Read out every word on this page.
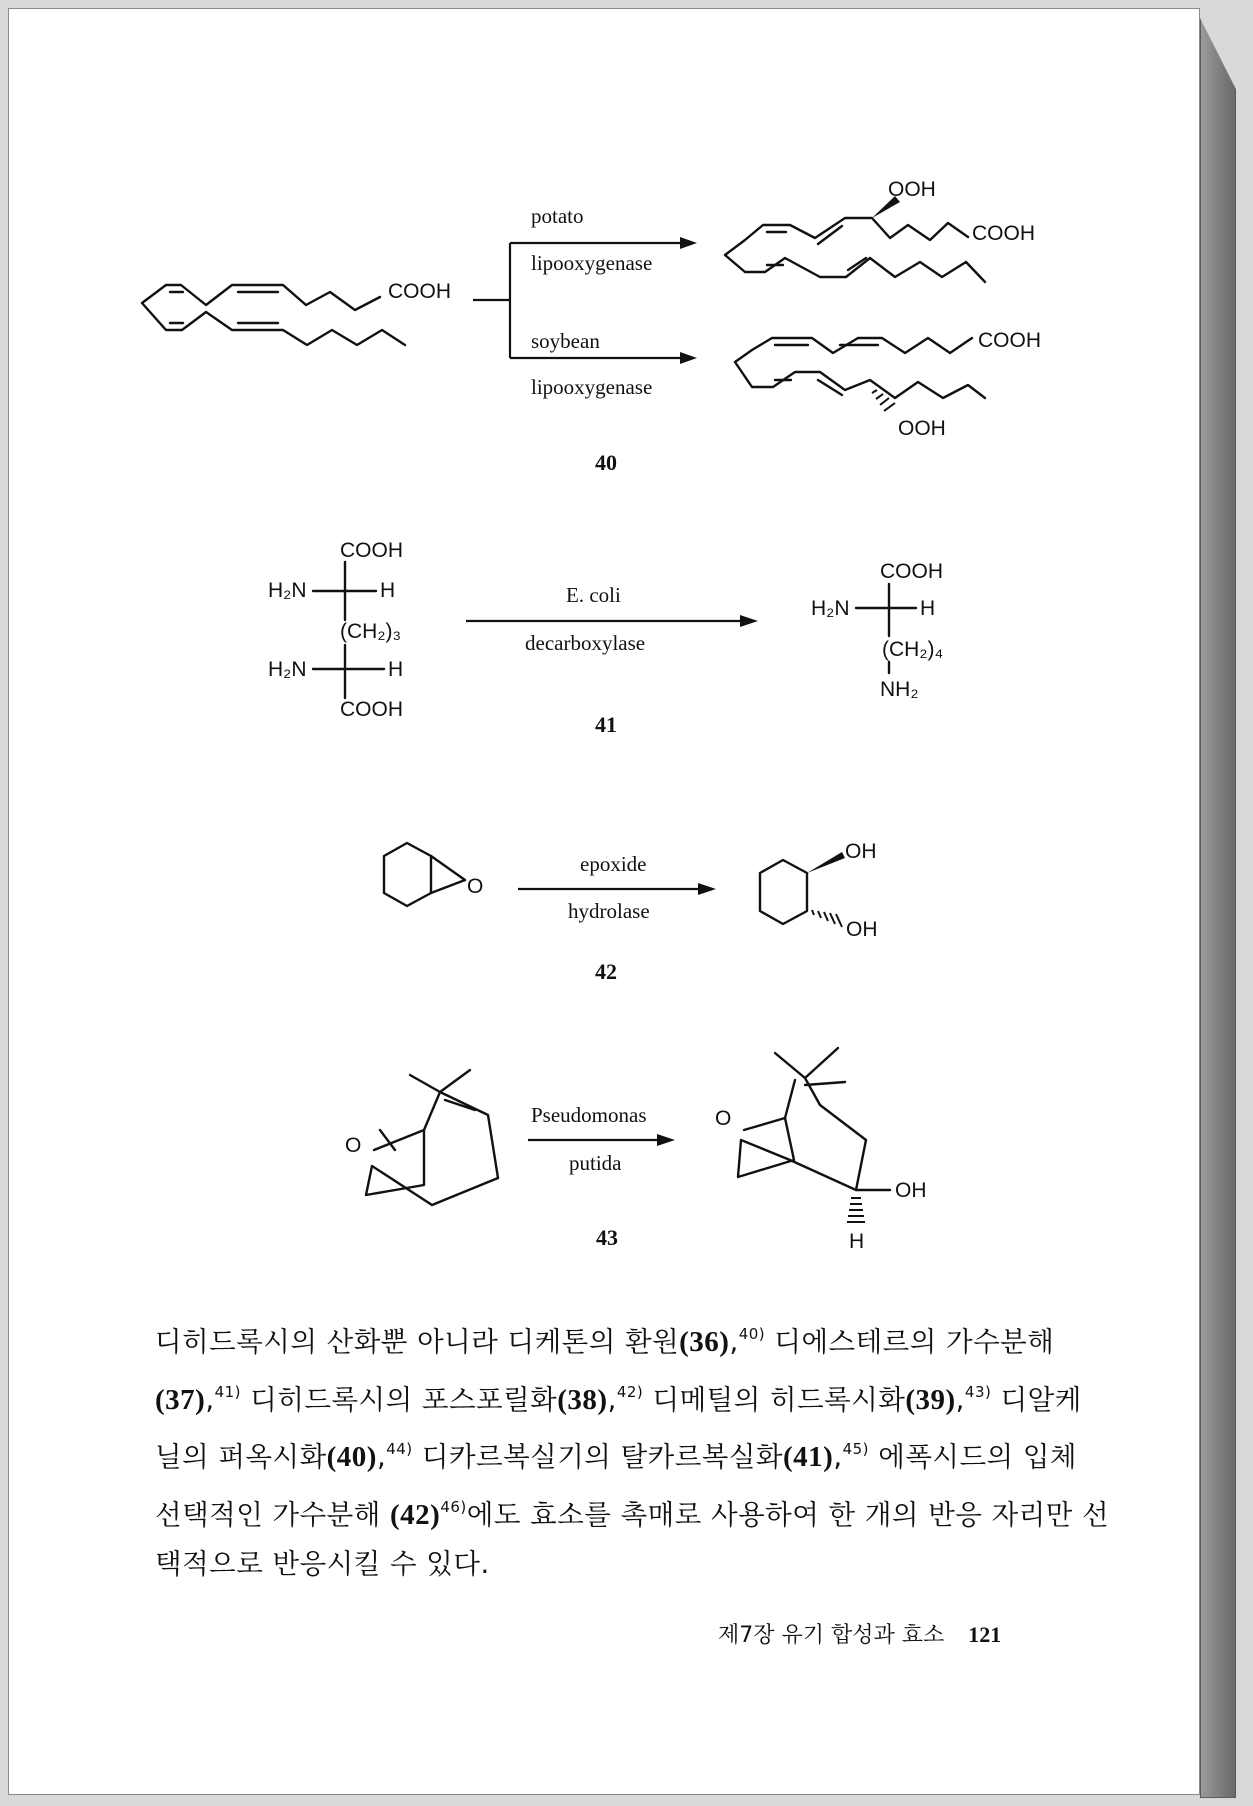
COOH
potato
lipooxygenase
soybean
lipooxygenase
OOH
COOH
COOH
OOH
40
COOH
H₂N	H
(CH₂)₃
H₂N	H
COOH
E. coli
decarboxylase
COOH
H₂N	H
(CH₂)₄
NH₂
41
O
epoxide
hydrolase
OH
OH
42
O
Pseudomonas
putida
OH
O
H
43

디히드록시의 산화뿐 아니라 디케톤의 환원(36),$^{40)}$ 디에스테르의 가수분해

(37),$^{41)}$ 디히드록시의 포스포릴화(38),$^{42)}$ 디메틸의 히드록시화(39),$^{43)}$ 디알케

닐의 퍼옥시화(40),$^{44)}$ 디카르복실기의 탈카르복실화(41),$^{45)}$ 에폭시드의 입체

선택적인 가수분해 $(42)^{46)}$에도 효소를 촉매로 사용하여 한 개의 반응 자리만 선

택적으로 반응시킬 수 있다.

제7장 유기 합성과 효소 121
